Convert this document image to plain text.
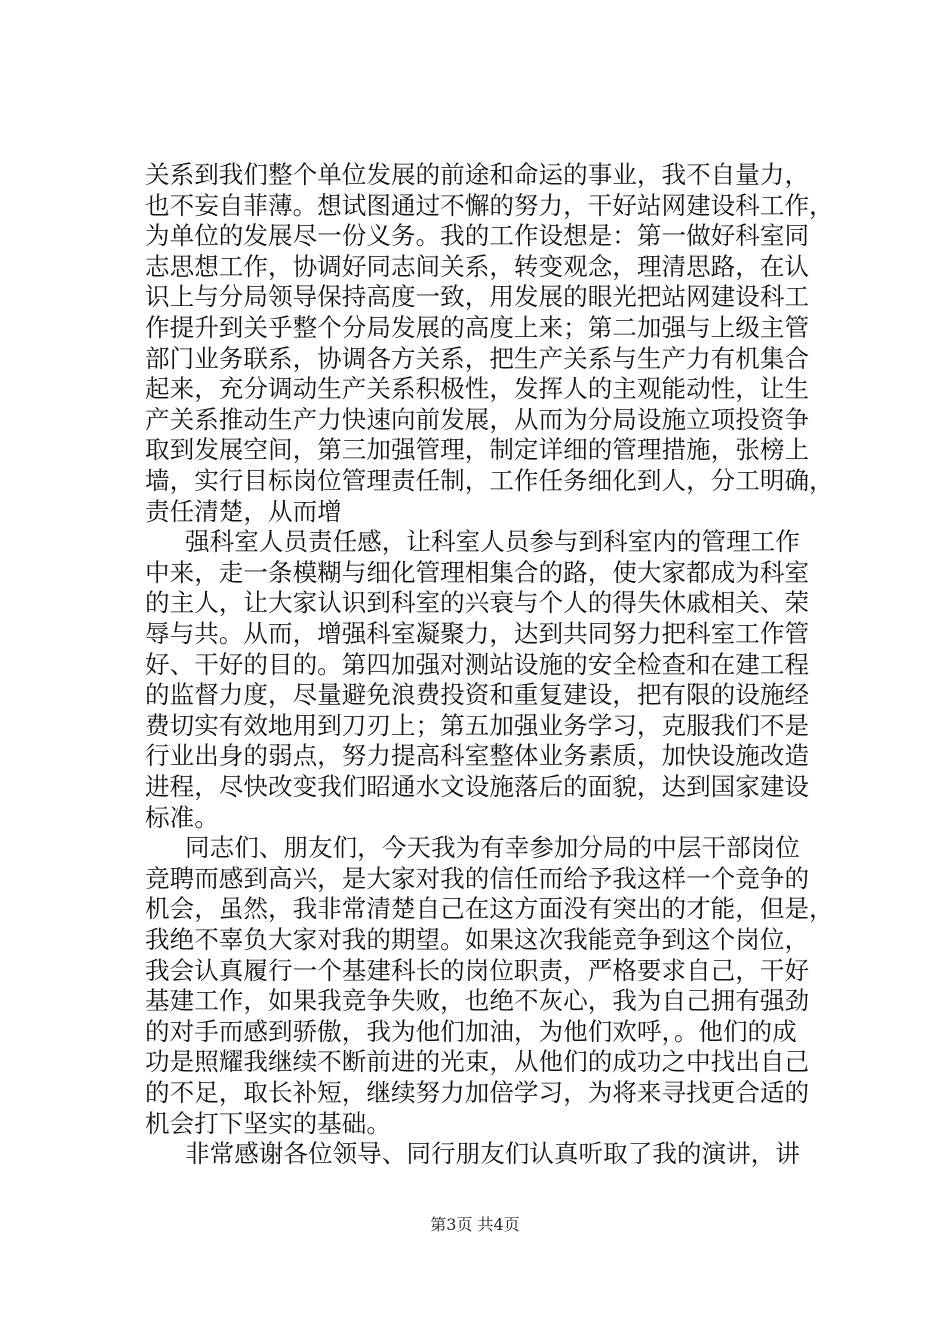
关系到我们整个单位发展的前途和命运的事业，我不自量力，
也不妄自菲薄。想试图通过不懈的努力，干好站网建设科工作，
为单位的发展尽一份义务。我的工作设想是：第一做好科室同
志思想工作，协调好同志间关系，转变观念，理清思路，在认
识上与分局领导保持高度一致，用发展的眼光把站网建设科工
作提升到关乎整个分局发展的高度上来；第二加强与上级主管
部门业务联系，协调各方关系，把生产关系与生产力有机集合
起来，充分调动生产关系积极性，发挥人的主观能动性，让生
产关系推动生产力快速向前发展，从而为分局设施立项投资争
取到发展空间，第三加强管理，制定详细的管理措施，张榜上
墙，实行目标岗位管理责任制，工作任务细化到人，分工明确，
责任清楚，从而增
强科室人员责任感，让科室人员参与到科室内的管理工作
中来，走一条模糊与细化管理相集合的路，使大家都成为科室
的主人，让大家认识到科室的兴衰与个人的得失休戚相关、荣
辱与共。从而，增强科室凝聚力，达到共同努力把科室工作管
好、干好的目的。第四加强对测站设施的安全检查和在建工程
的监督力度，尽量避免浪费投资和重复建设，把有限的设施经
费切实有效地用到刀刃上；第五加强业务学习，克服我们不是
行业出身的弱点，努力提高科室整体业务素质，加快设施改造
进程，尽快改变我们昭通水文设施落后的面貌，达到国家建设
标准。
同志们、朋友们，今天我为有幸参加分局的中层干部岗位
竞聘而感到高兴，是大家对我的信任而给予我这样一个竞争的
机会，虽然，我非常清楚自己在这方面没有突出的才能，但是，
我绝不辜负大家对我的期望。如果这次我能竞争到这个岗位，
我会认真履行一个基建科长的岗位职责，严格要求自己，干好
基建工作，如果我竞争失败，也绝不灰心，我为自己拥有强劲
的对手而感到骄傲，我为他们加油，为他们欢呼，。他们的成
功是照耀我继续不断前进的光束，从他们的成功之中找出自己
的不足，取长补短，继续努力加倍学习，为将来寻找更合适的
机会打下坚实的基础。
非常感谢各位领导、同行朋友们认真听取了我的演讲，讲
第3页 共4页
